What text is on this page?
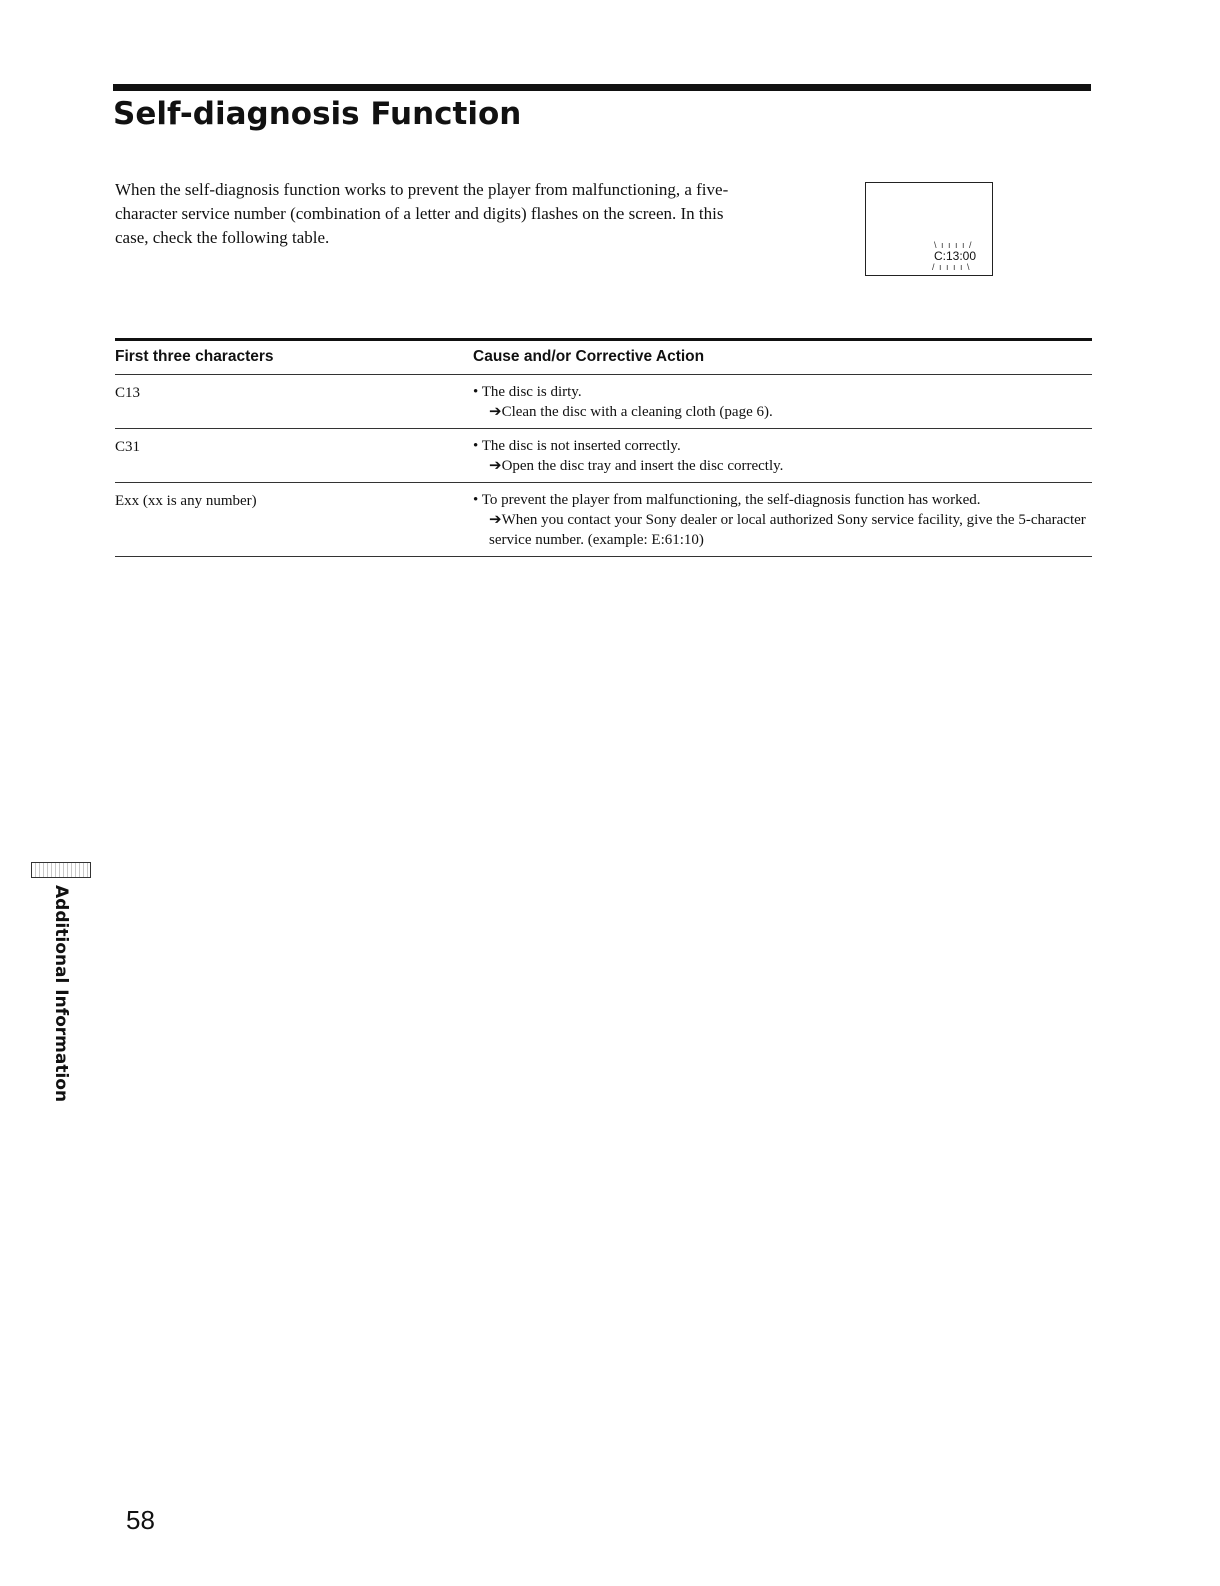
Self-diagnosis Function

When the self-diagnosis function works to prevent the player from malfunctioning, a five-character service number (combination of a letter and digits) flashes on the screen. In this case, check the following table.	\ ı ı ı ı /
C:13:00
/ ı ı ı ı \
First three characters	Cause and/or Corrective Action
C13	• The disc is dirty.
➔Clean the disc with a cleaning cloth (page 6).
C31	• The disc is not inserted correctly.
➔Open the disc tray and insert the disc correctly.
Exx (xx is any number)	• To prevent the player from malfunctioning, the self-diagnosis function has worked.
➔When you contact your Sony dealer or local authorized Sony service facility, give the 5-character service number. (example: E:61:10)
Additional Information
58
